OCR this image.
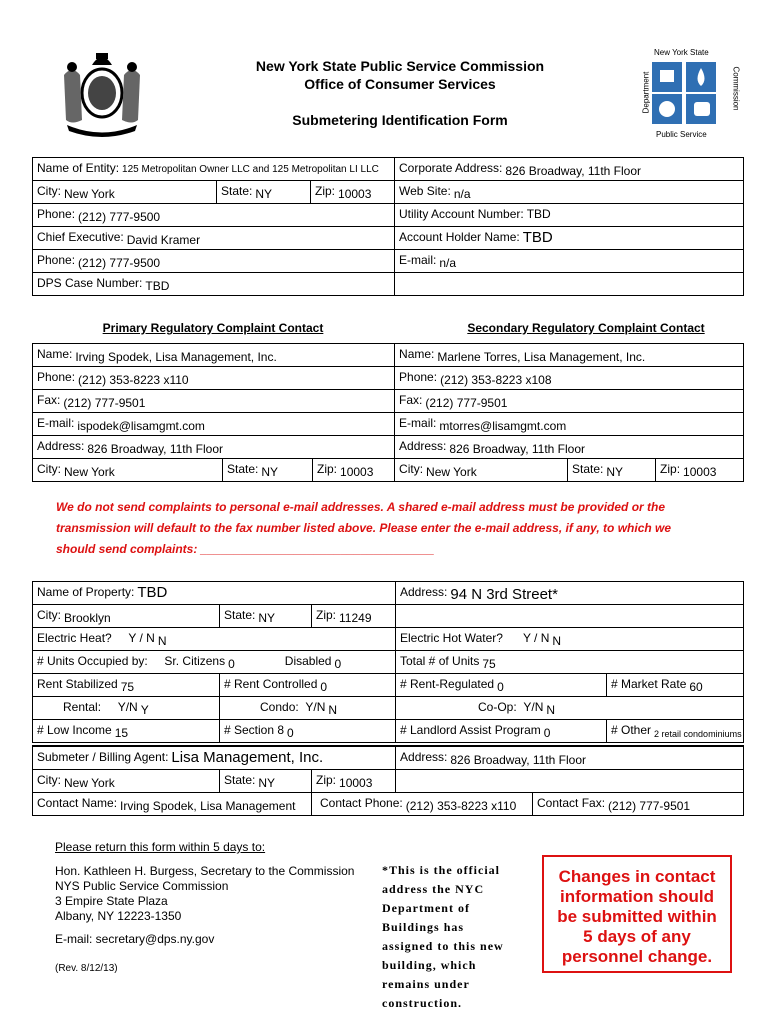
New York State
Department	Commission
Public Service
New York State Public Service Commission
Office of Consumer Services
Submetering Identification Form
Name of Entity: 125 Metropolitan Owner LLC and 125 Metropolitan LI LLC			Corporate Address: 826 Broadway, 11th Floor
City: New York	State: NY	Zip: 10003	Web Site: n/a
Phone: (212) 777-9500			Utility Account Number: TBD
Chief Executive: David Kramer			Account Holder Name: TBD
Phone: (212) 777-9500			E-mail: n/a
DPS Case Number: TBD			
Primary Regulatory Complaint Contact	Secondary Regulatory Complaint Contact
Name: Irving Spodek, Lisa Management, Inc.			Name: Marlene Torres, Lisa Management, Inc.		
Phone: (212) 353-8223 x110			Phone: (212) 353-8223 x108		
Fax: (212) 777-9501			Fax: (212) 777-9501		
E-mail: ispodek@lisamgmt.com			E-mail: mtorres@lisamgmt.com		
Address: 826 Broadway, 11th Floor			Address: 826 Broadway, 11th Floor		
City: New York	State: NY	Zip: 10003	City: New York	State: NY	Zip: 10003
We do not send complaints to personal e-mail addresses. A shared e-mail address must be provided or the
transmission will default to the fax number listed above. Please enter the e-mail address, if any, to which we
should send complaints: ___________________________________
Name of Property: TBD			Address: 94 N 3rd Street*	
City: Brooklyn	State: NY	Zip: 11249		
Electric Heat? Y / N N			Electric Hot Water? Y / N N	
# Units Occupied by: Sr. Citizens 0 Disabled 0			Total # of Units 75	
Rent Stabilized 75	# Rent Controlled 0		# Rent-Regulated 0	# Market Rate 60
Rental: Y/N Y	Condo: Y/N N		Co-Op: Y/N N	
# Low Income 15	# Section 8 0		# Landlord Assist Program 0	# Other $_{2 retail condominiums}$
Submeter / Billing Agent: Lisa Management, Inc.			Address: 826 Broadway, 11th Floor	
City: New York	State: NY	Zip: 10003		
Contact Name: Irving Spodek, Lisa Management		Contact Phone: (212) 353-8223 x110		Contact Fax: (212) 777-9501
Please return this form within 5 days to:
Hon. Kathleen H. Burgess, Secretary to the Commission
NYS Public Service Commission
3 Empire State Plaza
Albany, NY 12223-1350
E-mail: secretary@dps.ny.gov
(Rev. 8/12/13)
*This is the official
address the NYC
Department of
Buildings has
assigned to this new
building, which
remains under
construction.
Changes in contact
information should
be submitted within
5 days of any
personnel change.
